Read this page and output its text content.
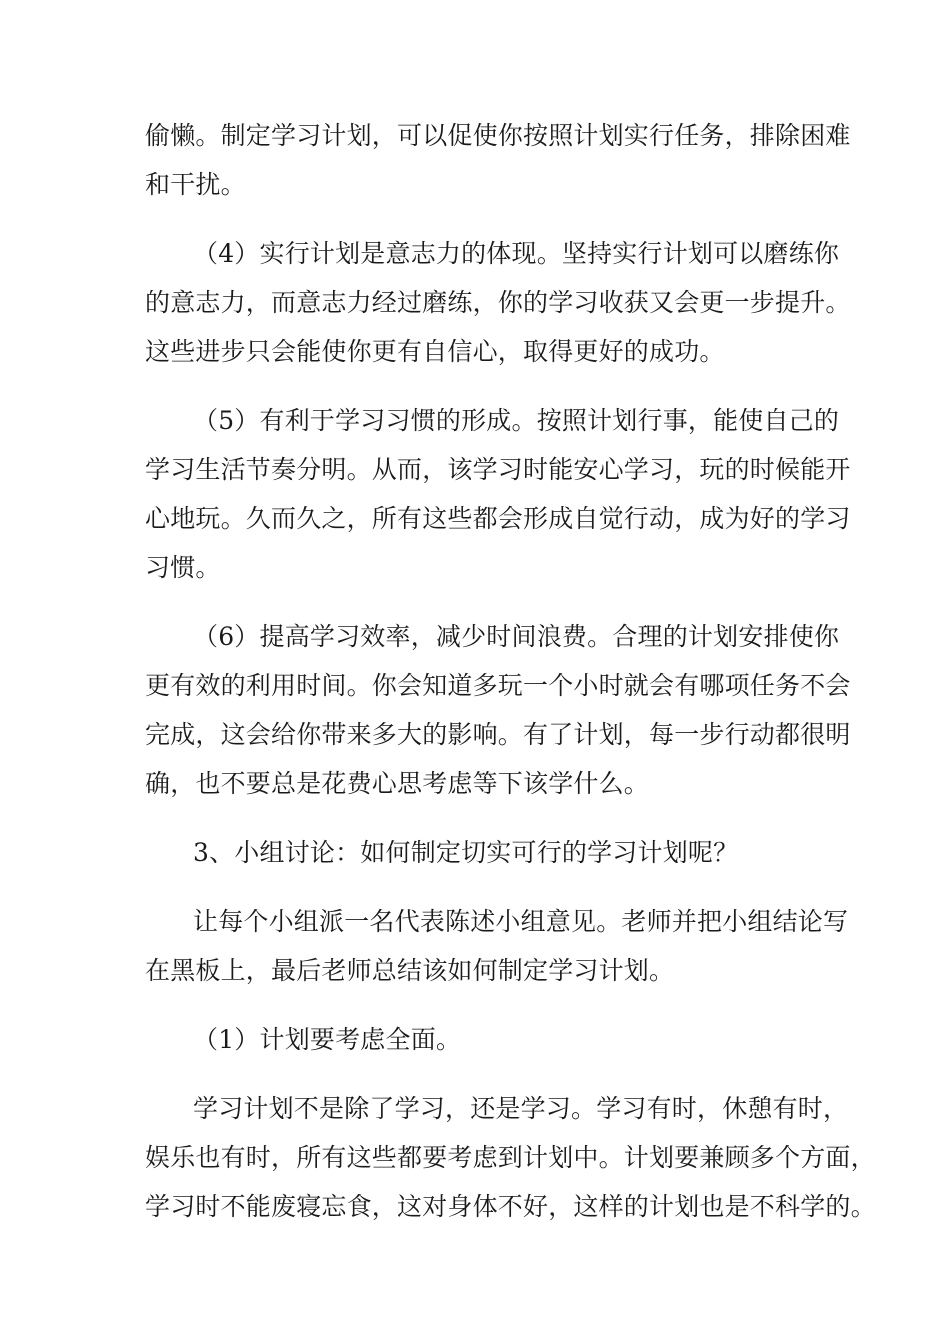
偷懒。制定学习计划，可以促使你按照计划实行任务，排除困难
和干扰。
（4）实行计划是意志力的体现。坚持实行计划可以磨练你
的意志力，而意志力经过磨练，你的学习收获又会更一步提升。
这些进步只会能使你更有自信心，取得更好的成功。
（5）有利于学习习惯的形成。按照计划行事，能使自己的
学习生活节奏分明。从而，该学习时能安心学习，玩的时候能开
心地玩。久而久之，所有这些都会形成自觉行动，成为好的学习
习惯。
（6）提高学习效率，减少时间浪费。合理的计划安排使你
更有效的利用时间。你会知道多玩一个小时就会有哪项任务不会
完成，这会给你带来多大的影响。有了计划，每一步行动都很明
确，也不要总是花费心思考虑等下该学什么。
3、小组讨论：如何制定切实可行的学习计划呢？
让每个小组派一名代表陈述小组意见。老师并把小组结论写
在黑板上，最后老师总结该如何制定学习计划。
（1）计划要考虑全面。
学习计划不是除了学习，还是学习。学习有时，休憩有时，
娱乐也有时，所有这些都要考虑到计划中。计划要兼顾多个方面，
学习时不能废寝忘食，这对身体不好，这样的计划也是不科学的。
